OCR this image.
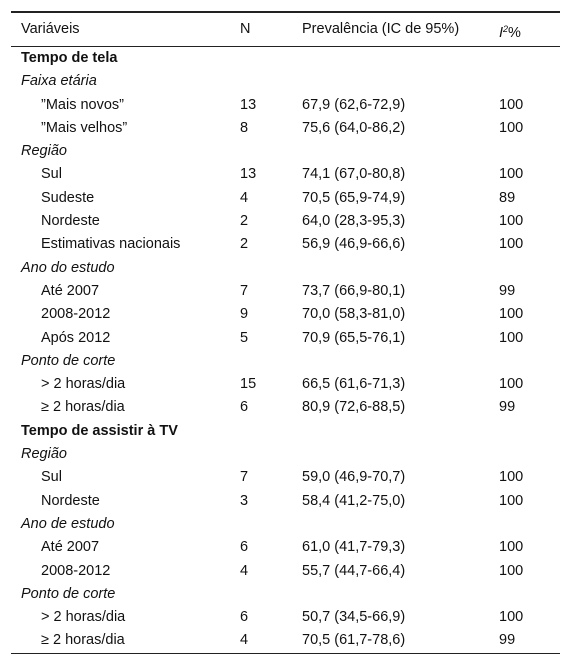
Variáveis	N	Prevalência (IC de 95%)	$I^2\%$
Tempo de tela
Faixa etária
”Mais novos”	13	67,9 (62,6-72,9)	100
”Mais velhos”	8	75,6 (64,0-86,2)	100
Região
Sul	13	74,1 (67,0-80,8)	100
Sudeste	4	70,5 (65,9-74,9)	89
Nordeste	2	64,0 (28,3-95,3)	100
Estimativas nacionais	2	56,9 (46,9-66,6)	100
Ano do estudo
Até 2007	7	73,7 (66,9-80,1)	99
2008-2012	9	70,0 (58,3-81,0)	100
Após 2012	5	70,9 (65,5-76,1)	100
Ponto de corte
> 2 horas/dia	15	66,5 (61,6-71,3)	100
≥ 2 horas/dia	6	80,9 (72,6-88,5)	99
Tempo de assistir à TV
Região
Sul	7	59,0 (46,9-70,7)	100
Nordeste	3	58,4 (41,2-75,0)	100
Ano de estudo
Até 2007	6	61,0 (41,7-79,3)	100
2008-2012	4	55,7 (44,7-66,4)	100
Ponto de corte
> 2 horas/dia	6	50,7 (34,5-66,9)	100
≥ 2 horas/dia	4	70,5 (61,7-78,6)	99
